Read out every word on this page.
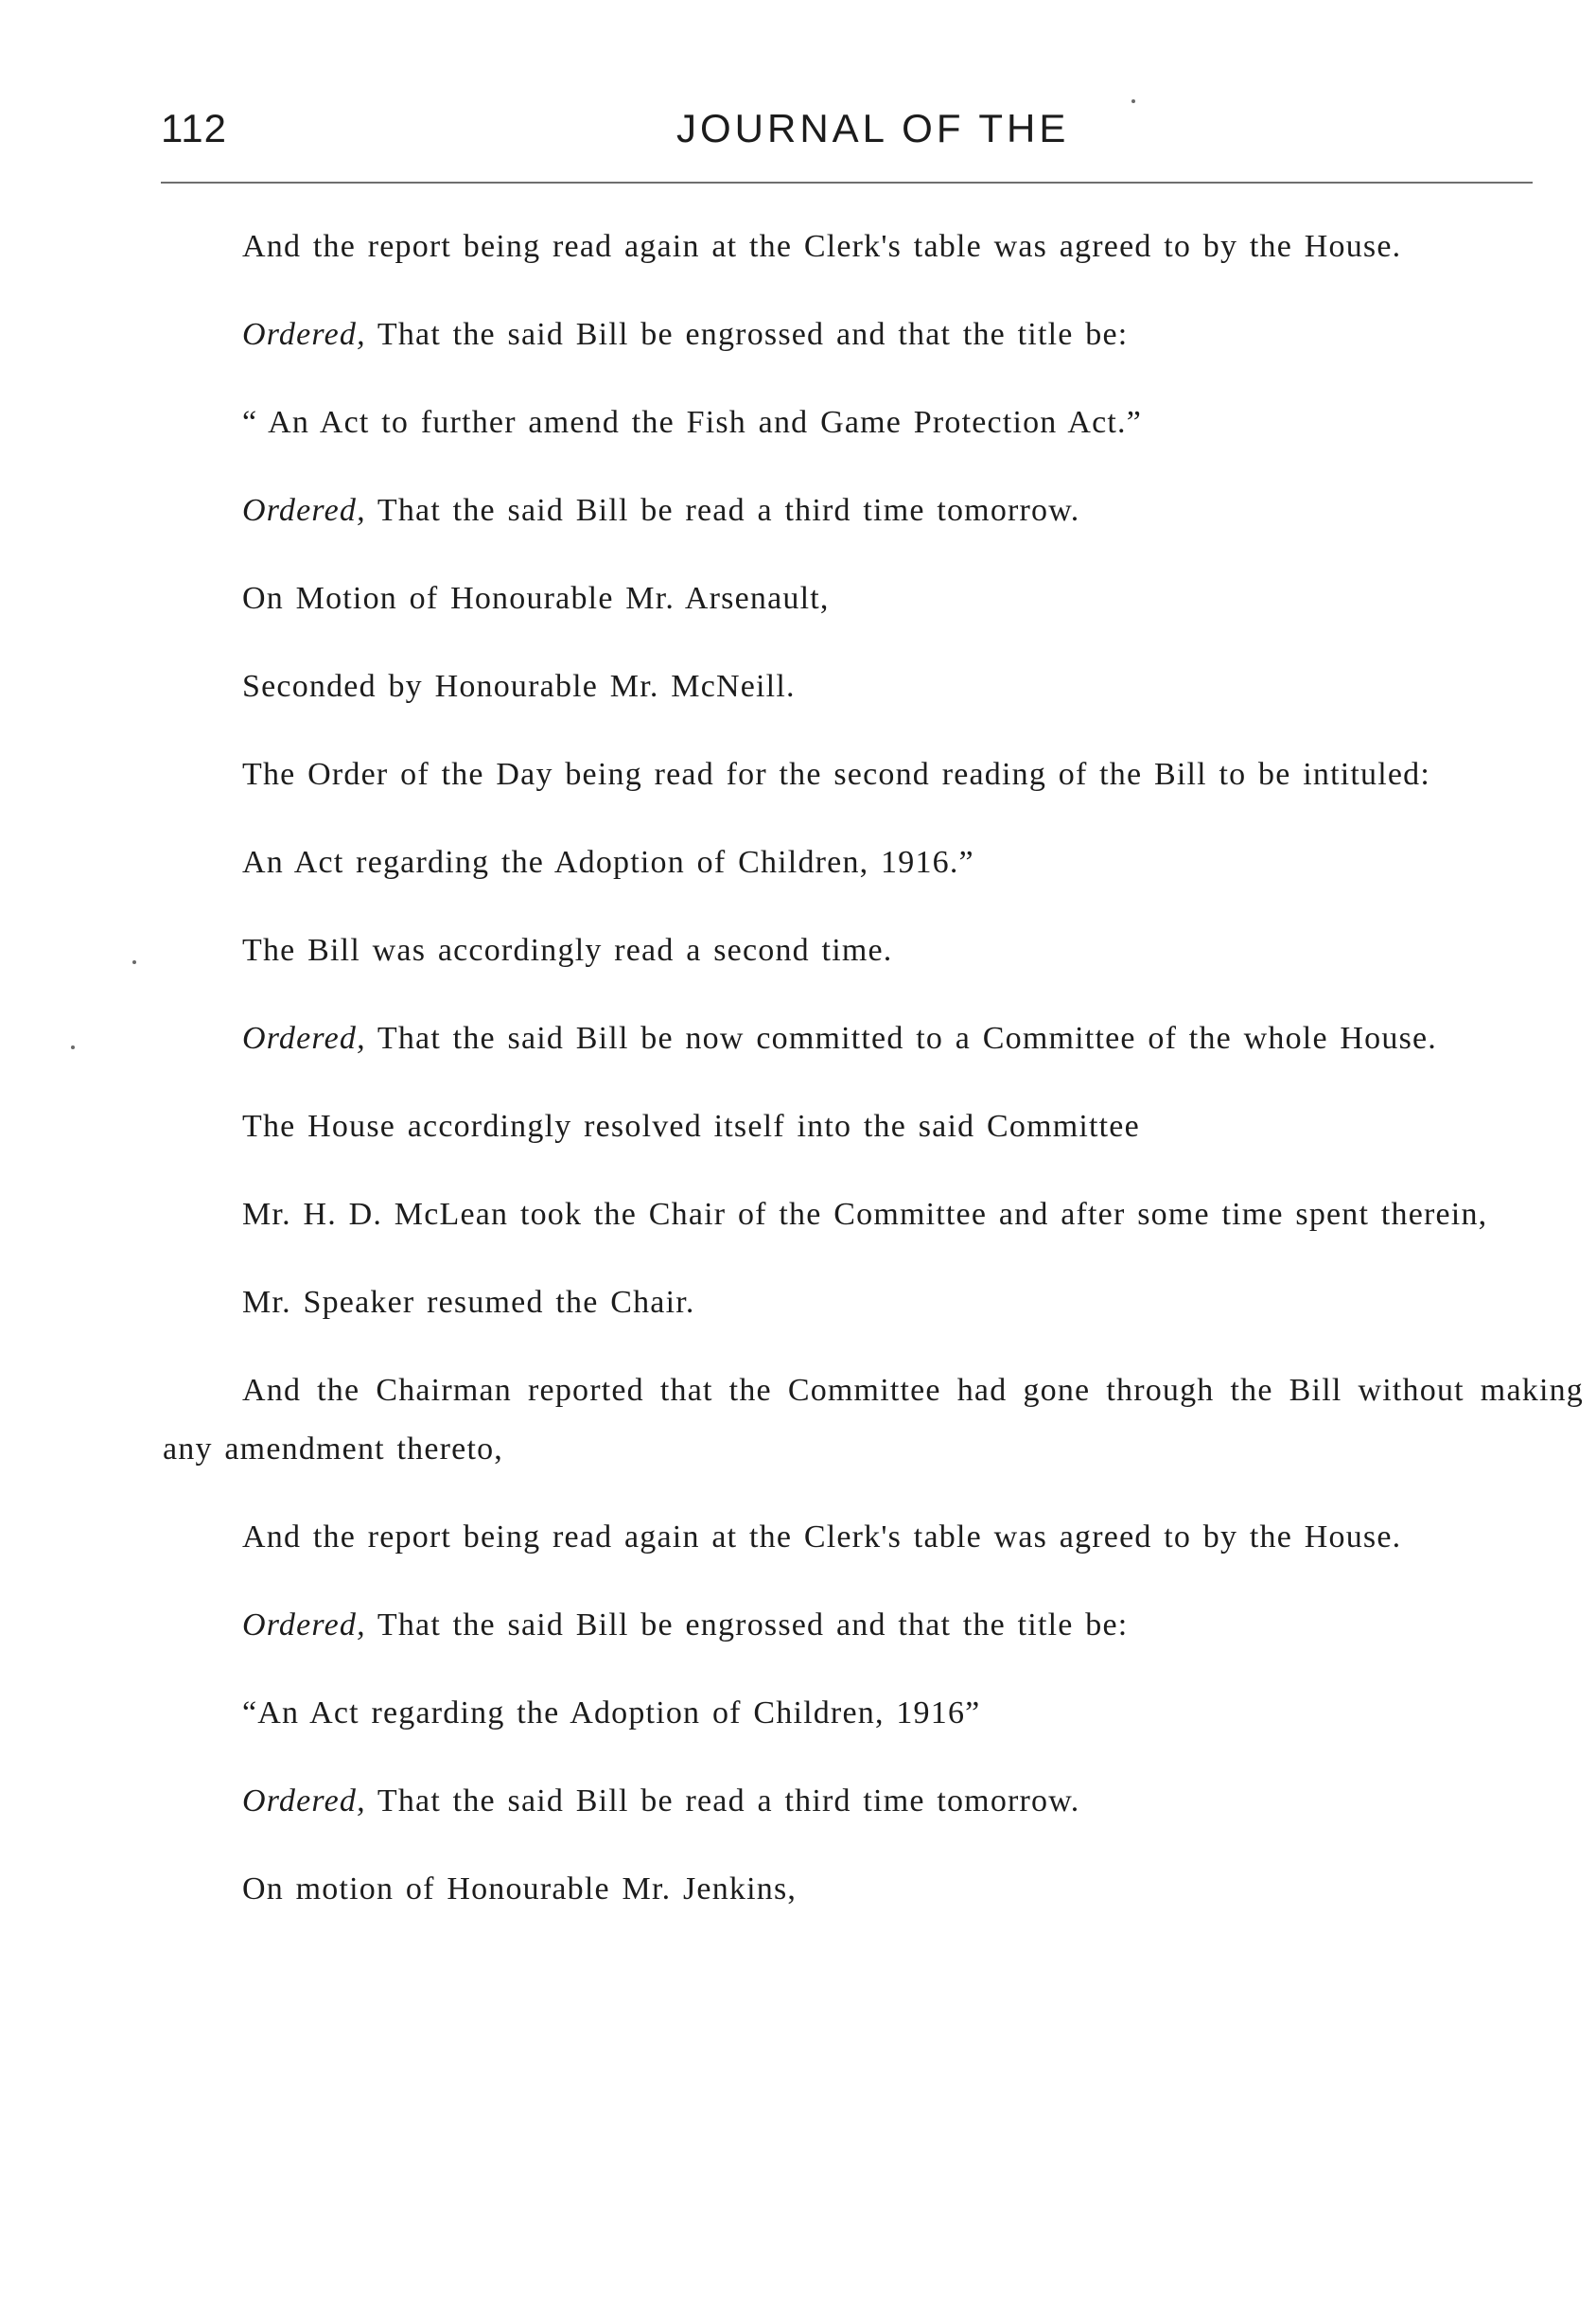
112	JOURNAL OF THE

And the report being read again at the Clerk's table was agreed to by the House.

Ordered, That the said Bill be engrossed and that the title be:

“ An Act to further amend the Fish and Game Protection Act.”

Ordered, That the said Bill be read a third time tomorrow.

On Motion of Honourable Mr. Arsenault,

Seconded by Honourable Mr. McNeill.

The Order of the Day being read for the second reading of the Bill to be intituled:

An Act regarding the Adoption of Children, 1916.”

The Bill was accordingly read a second time.

Ordered, That the said Bill be now committed to a Committee of the whole House.

The House accordingly resolved itself into the said Committee

Mr. H. D. McLean took the Chair of the Committee and after some time spent therein,

Mr. Speaker resumed the Chair.

And the Chairman reported that the Committee had gone through the Bill without making any amendment thereto,

And the report being read again at the Clerk's table was agreed to by the House.

Ordered, That the said Bill be engrossed and that the title be:

“An Act regarding the Adoption of Children, 1916”

Ordered, That the said Bill be read a third time tomorrow.

On motion of Honourable Mr. Jenkins,
